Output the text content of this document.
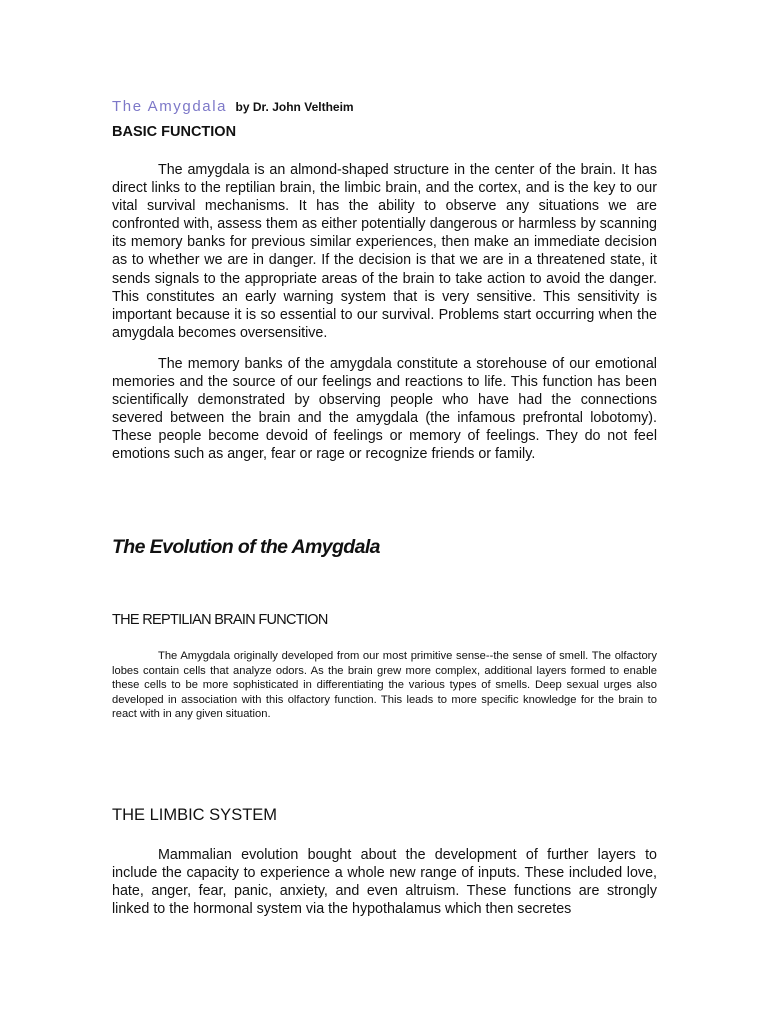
The Amygdala by Dr. John Veltheim
BASIC FUNCTION

The amygdala is an almond-shaped structure in the center of the brain. It has direct links to the reptilian brain, the limbic brain, and the cortex, and is the key to our vital survival mechanisms. It has the ability to observe any situations we are confronted with, assess them as either potentially dangerous or harmless by scanning its memory banks for previous similar experiences, then make an immediate decision as to whether we are in danger. If the decision is that we are in a threatened state, it sends signals to the appropriate areas of the brain to take action to avoid the danger. This constitutes an early warning system that is very sensitive. This sensitivity is important because it is so essential to our survival. Problems start occurring when the amygdala becomes oversensitive.

The memory banks of the amygdala constitute a storehouse of our emotional memories and the source of our feelings and reactions to life. This function has been scientifically demonstrated by observing people who have had the connections severed between the brain and the amygdala (the infamous prefrontal lobotomy). These people become devoid of feelings or memory of feelings. They do not feel emotions such as anger, fear or rage or recognize friends or family.

The Evolution of the Amygdala
THE REPTILIAN BRAIN FUNCTION

The Amygdala originally developed from our most primitive sense--the sense of smell. The olfactory lobes contain cells that analyze odors. As the brain grew more complex, additional layers formed to enable these cells to be more sophisticated in differentiating the various types of smells. Deep sexual urges also developed in association with this olfactory function. This leads to more specific knowledge for the brain to react with in any given situation.

THE LIMBIC SYSTEM

Mammalian evolution bought about the development of further layers to include the capacity to experience a whole new range of inputs. These included love, hate, anger, fear, panic, anxiety, and even altruism. These functions are strongly linked to the hormonal system via the hypothalamus which then secretes
